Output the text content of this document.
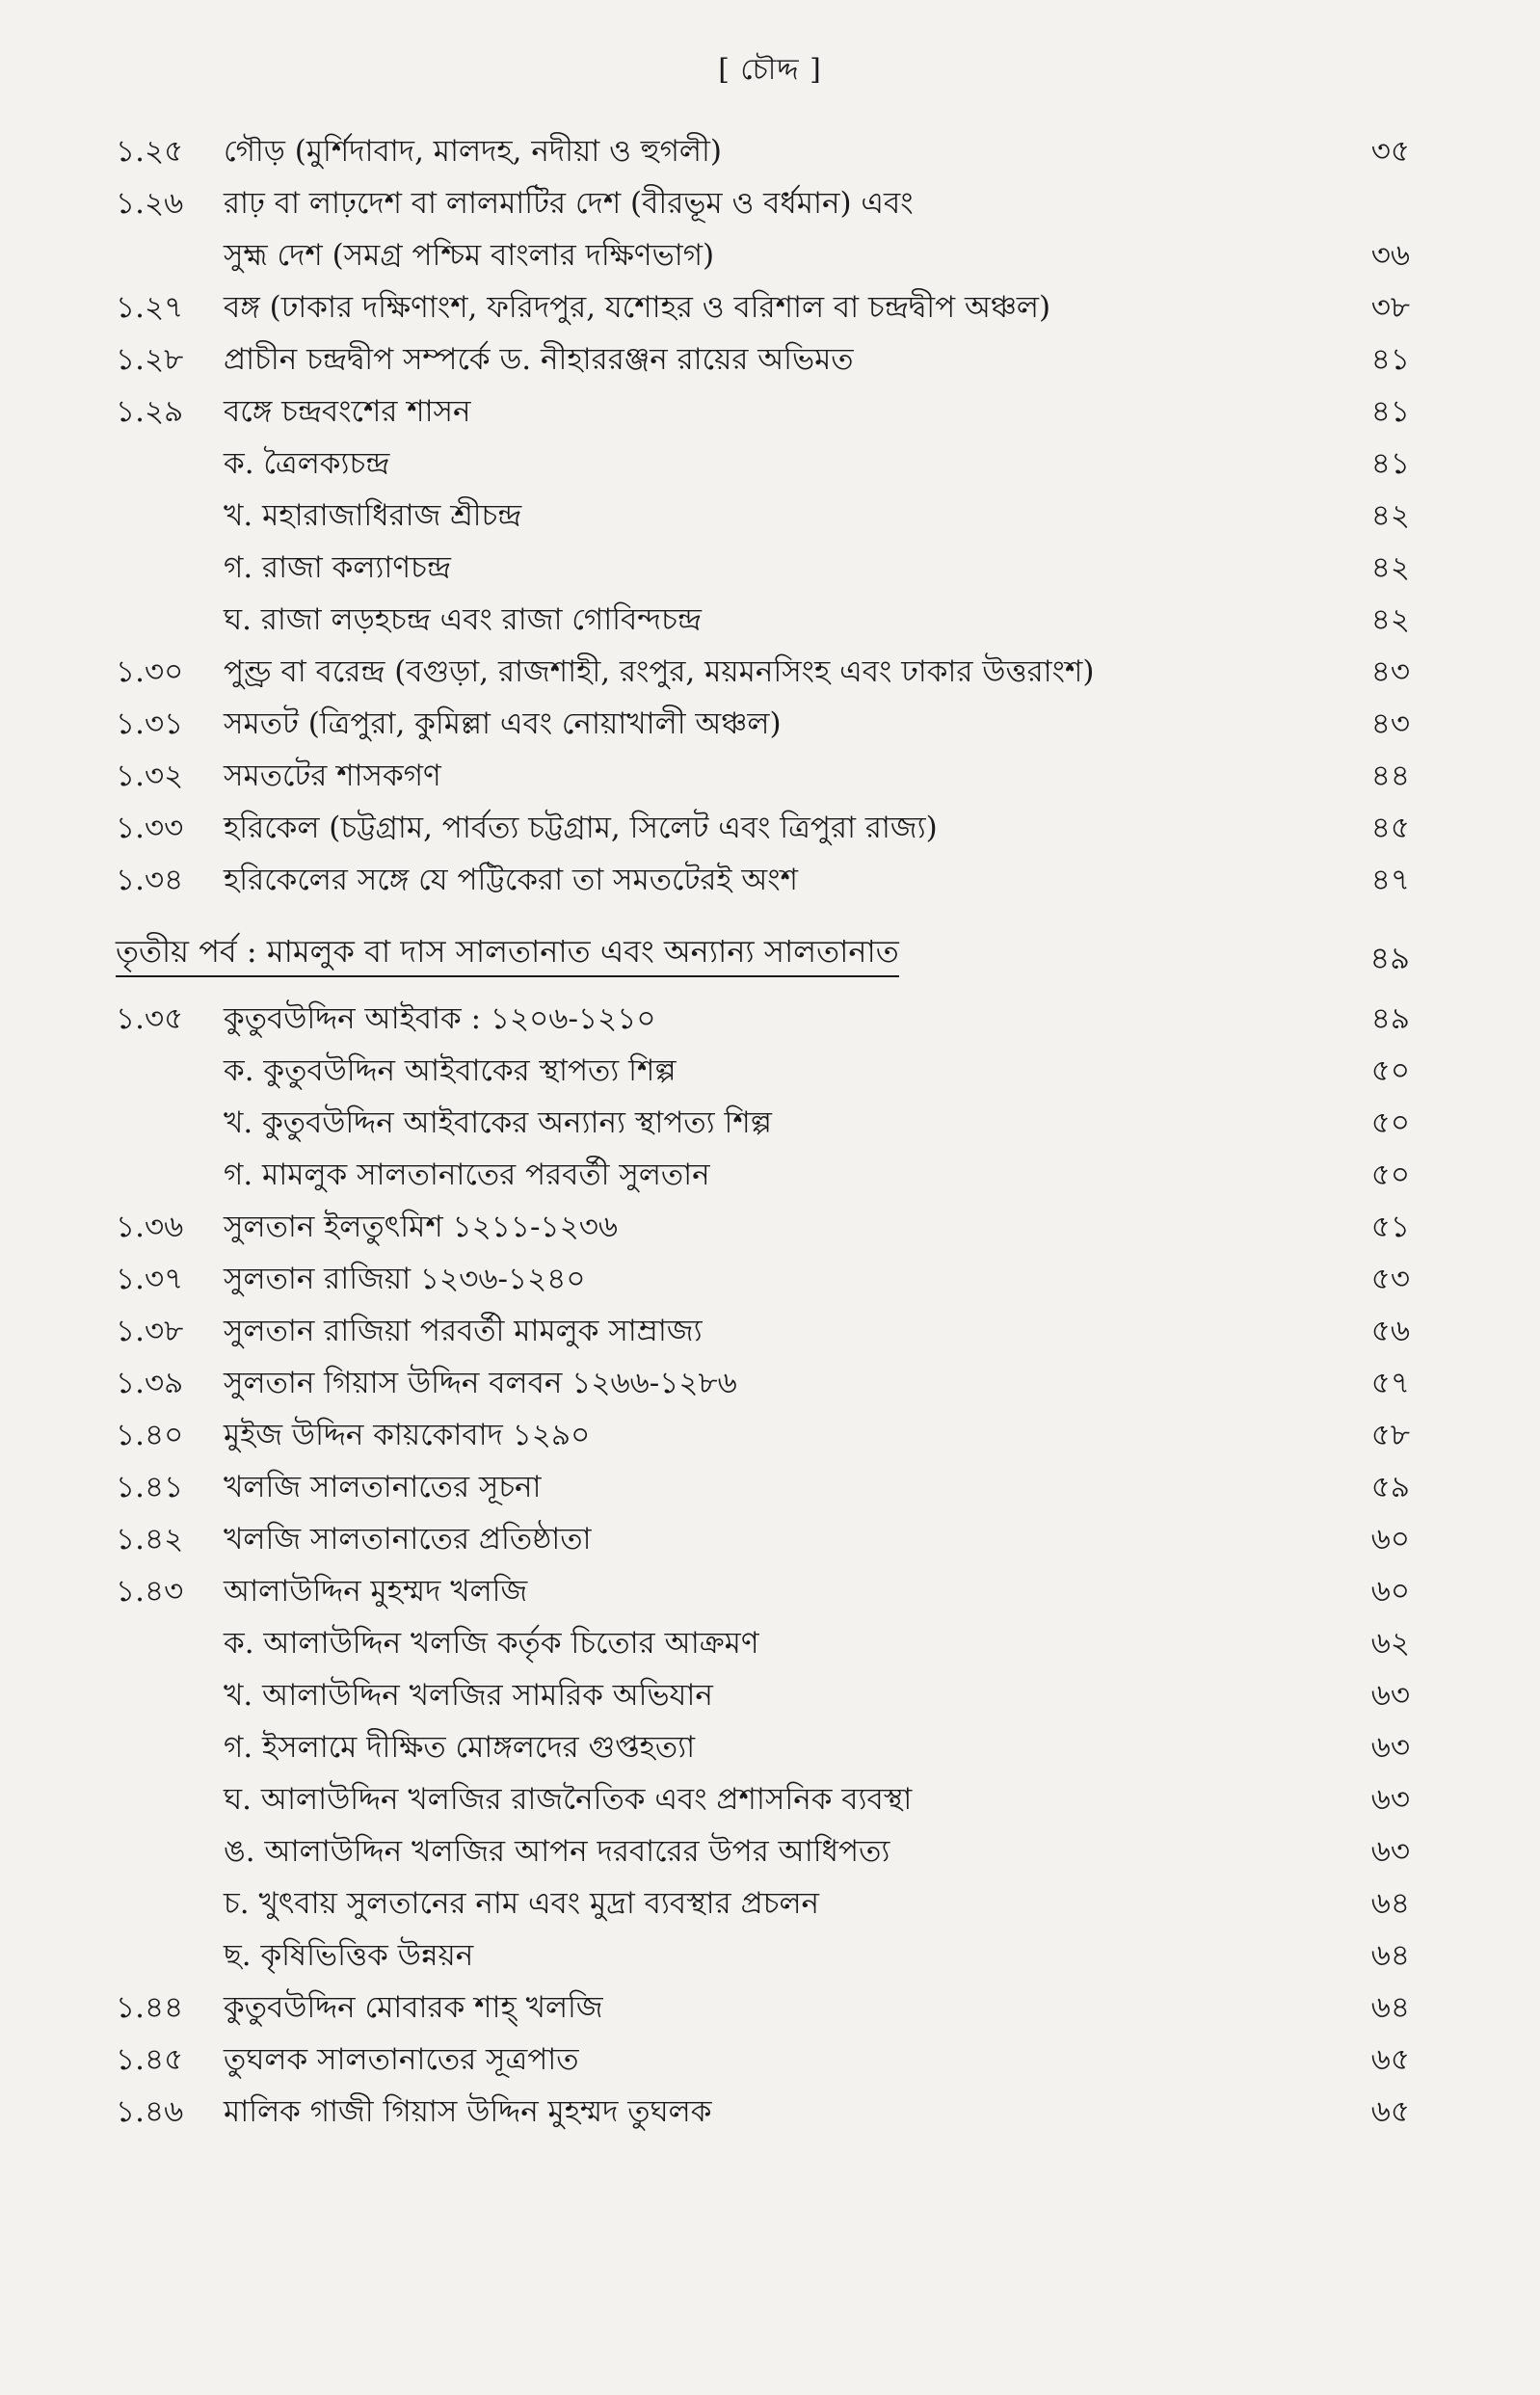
[ চৌদ্দ ]
১.২৫ গৌড় (মুর্শিদাবাদ, মালদহ, নদীয়া ও হুগলী)	৩৫
১.২৬ রাঢ় বা লাঢ়দেশ বা লালমাটির দেশ (বীরভূম ও বর্ধমান) এবং
সুহ্ম দেশ (সমগ্র পশ্চিম বাংলার দক্ষিণভাগ)	৩৬
১.২৭ বঙ্গ (ঢাকার দক্ষিণাংশ, ফরিদপুর, যশোহর ও বরিশাল বা চন্দ্রদ্বীপ অঞ্চল)	৩৮
১.২৮ প্রাচীন চন্দ্রদ্বীপ সম্পর্কে ড. নীহাররঞ্জন রায়ের অভিমত	৪১
১.২৯ বঙ্গে চন্দ্রবংশের শাসন	৪১
ক. ত্রৈলক্যচন্দ্র	৪১
খ. মহারাজাধিরাজ শ্রীচন্দ্র	৪২
গ. রাজা কল্যাণচন্দ্র	৪২
ঘ. রাজা লড়হচন্দ্র এবং রাজা গোবিন্দচন্দ্র	৪২
১.৩০ পুণ্ড্র বা বরেন্দ্র (বগুড়া, রাজশাহী, রংপুর, ময়মনসিংহ এবং ঢাকার উত্তরাংশ)	৪৩
১.৩১ সমতট (ত্রিপুরা, কুমিল্লা এবং নোয়াখালী অঞ্চল)	৪৩
১.৩২ সমতটের শাসকগণ	৪৪
১.৩৩ হরিকেল (চট্টগ্রাম, পার্বত্য চট্টগ্রাম, সিলেট এবং ত্রিপুরা রাজ্য)	৪৫
১.৩৪ হরিকেলের সঙ্গে যে পট্টিকেরা তা সমতটেরই অংশ	৪৭
তৃতীয় পর্ব : মামলুক বা দাস সালতানাত এবং অন্যান্য সালতানাত	৪৯
১.৩৫ কুতুবউদ্দিন আইবাক : ১২০৬-১২১০	৪৯
ক. কুতুবউদ্দিন আইবাকের স্থাপত্য শিল্প	৫০
খ. কুতুবউদ্দিন আইবাকের অন্যান্য স্থাপত্য শিল্প	৫০
গ. মামলুক সালতানাতের পরবর্তী সুলতান	৫০
১.৩৬ সুলতান ইলতুৎমিশ ১২১১-১২৩৬	৫১
১.৩৭ সুলতান রাজিয়া ১২৩৬-১২৪০	৫৩
১.৩৮ সুলতান রাজিয়া পরবর্তী মামলুক সাম্রাজ্য	৫৬
১.৩৯ সুলতান গিয়াস উদ্দিন বলবন ১২৬৬-১২৮৬	৫৭
১.৪০ মুইজ উদ্দিন কায়কোবাদ ১২৯০	৫৮
১.৪১ খলজি সালতানাতের সূচনা	৫৯
১.৪২ খলজি সালতানাতের প্রতিষ্ঠাতা	৬০
১.৪৩ আলাউদ্দিন মুহম্মদ খলজি	৬০
ক. আলাউদ্দিন খলজি কর্তৃক চিতোর আক্রমণ	৬২
খ. আলাউদ্দিন খলজির সামরিক অভিযান	৬৩
গ. ইসলামে দীক্ষিত মোঙ্গলদের গুপ্তহত্যা	৬৩
ঘ. আলাউদ্দিন খলজির রাজনৈতিক এবং প্রশাসনিক ব্যবস্থা	৬৩
ঙ. আলাউদ্দিন খলজির আপন দরবারের উপর আধিপত্য	৬৩
চ. খুৎবায় সুলতানের নাম এবং মুদ্রা ব্যবস্থার প্রচলন	৬৪
ছ. কৃষিভিত্তিক উন্নয়ন	৬৪
১.৪৪ কুতুবউদ্দিন মোবারক শাহ্ খলজি	৬৪
১.৪৫ তুঘলক সালতানাতের সূত্রপাত	৬৫
১.৪৬ মালিক গাজী গিয়াস উদ্দিন মুহম্মদ তুঘলক	৬৫
